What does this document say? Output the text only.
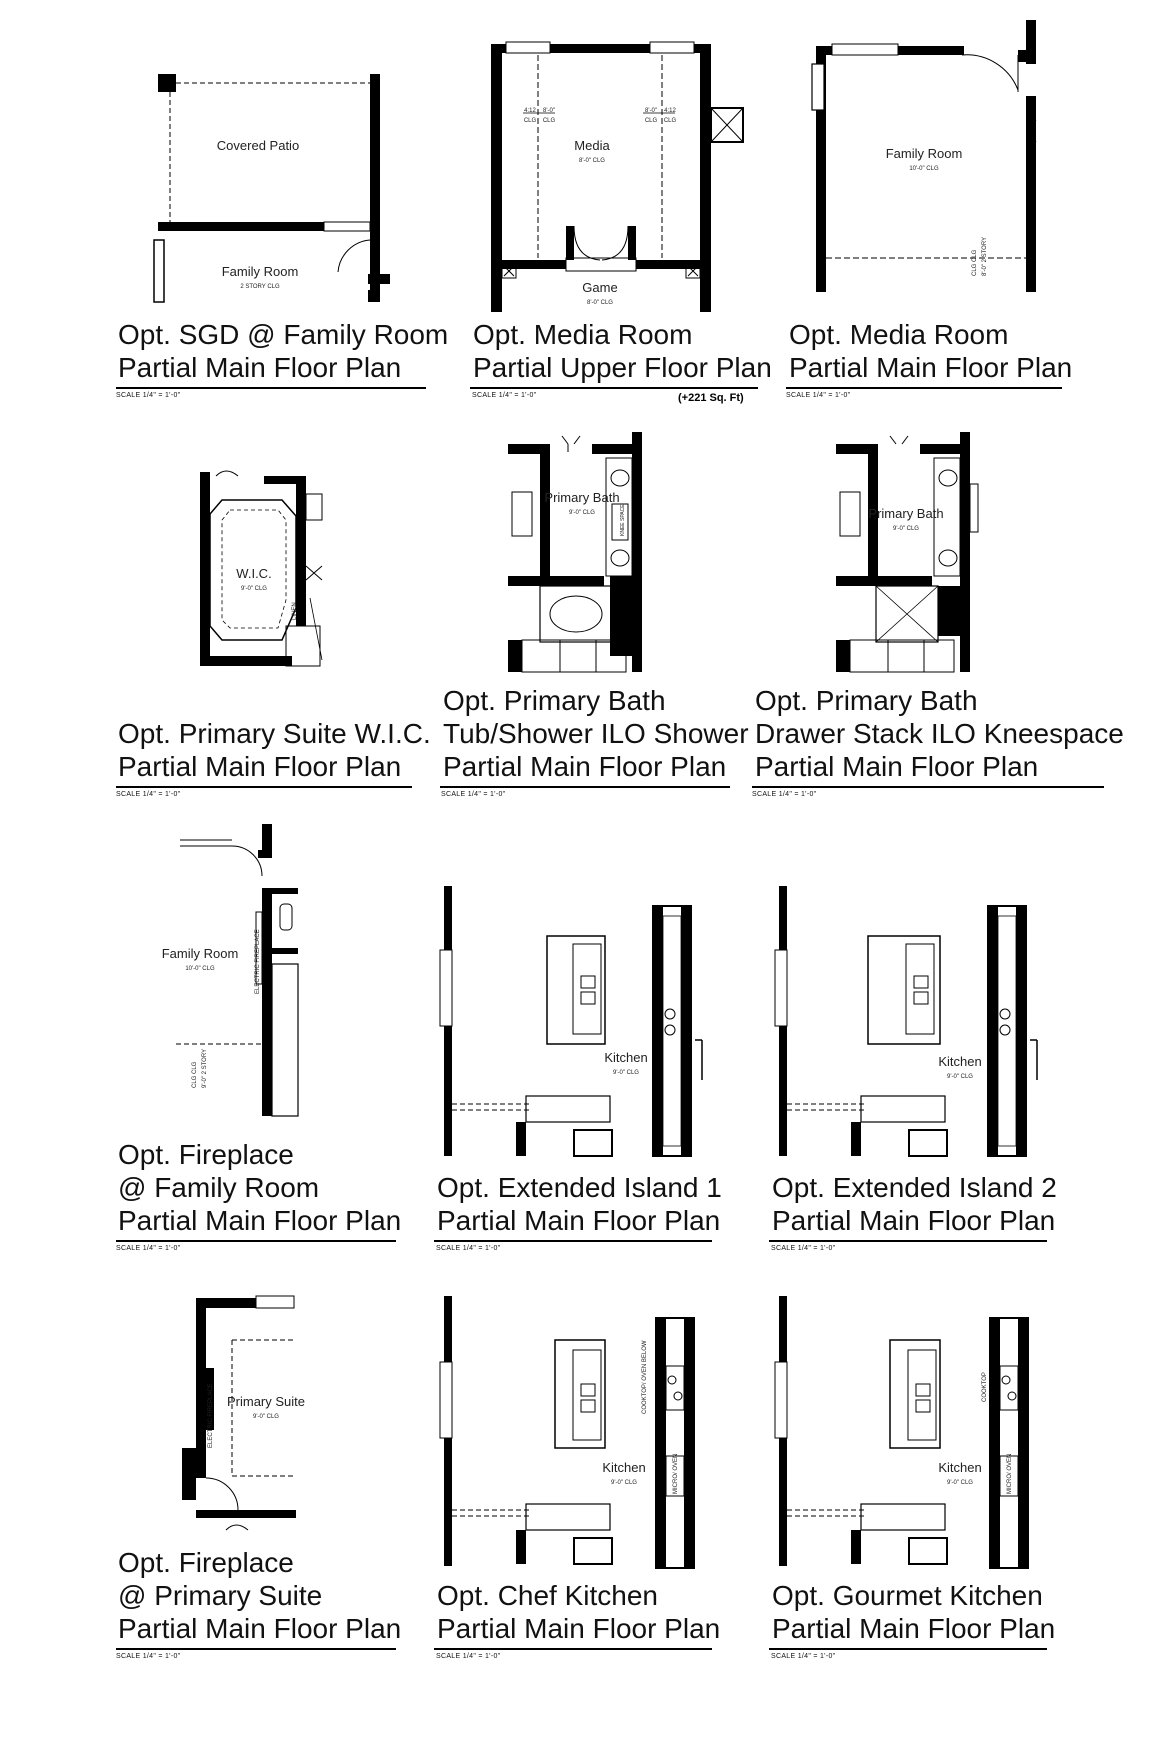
Covered Patio
Family Room
2 STORY CLG
4:12 8'-0"	8'-0" 4:12
CLG CLG	CLG CLG
Media
8'-0" CLG
Game
8'-0" CLG
Family Room
10'-0" CLG
CLG CLG 8'-0" 2 STORY
W.I.C.
9'-0" CLG
LINEN
Primary Bath
9'-0" CLG	KNEE SPACE	Primary Bath
9'-0" CLG
Family Room
10'-0" CLG	ELECTRIC FIREPLACE
CLG CLG 9'-0" 2 STORY	Kitchen
9'-0" CLG
Kitchen
9'-0" CLG
Primary Suite
9'-0" CLG
ELECTRIC FIREPLACE
Kitchen
9'-0" CLG
COOKTOP/ OVEN BELOW
MICRO/ OVEN	Kitchen
9'-0" CLG
COOKTOP
MICRO/ OVEN
Opt. SGD @ Family Room
Partial Main Floor Plan
SCALE 1/4" = 1'-0"
Opt. Media Room
Partial Upper Floor Plan
SCALE 1/4" = 1'-0"	(+221 Sq. Ft)
Opt. Media Room
Partial Main Floor Plan
SCALE 1/4" = 1'-0"
Opt. Primary Suite W.I.C.
Partial Main Floor Plan
SCALE 1/4" = 1'-0"
Opt. Primary Bath
Tub/Shower ILO Shower
Partial Main Floor Plan
SCALE 1/4" = 1'-0"
Opt. Primary Bath
Drawer Stack ILO Kneespace
Partial Main Floor Plan
SCALE 1/4" = 1'-0"
Opt. Fireplace
@ Family Room
Partial Main Floor Plan
SCALE 1/4" = 1'-0"
Opt. Extended Island 1
Partial Main Floor Plan
SCALE 1/4" = 1'-0"
Opt. Extended Island 2
Partial Main Floor Plan
SCALE 1/4" = 1'-0"
Opt. Fireplace
@ Primary Suite
Partial Main Floor Plan
SCALE 1/4" = 1'-0"
Opt. Chef Kitchen
Partial Main Floor Plan
SCALE 1/4" = 1'-0"
Opt. Gourmet Kitchen
Partial Main Floor Plan
SCALE 1/4" = 1'-0"
